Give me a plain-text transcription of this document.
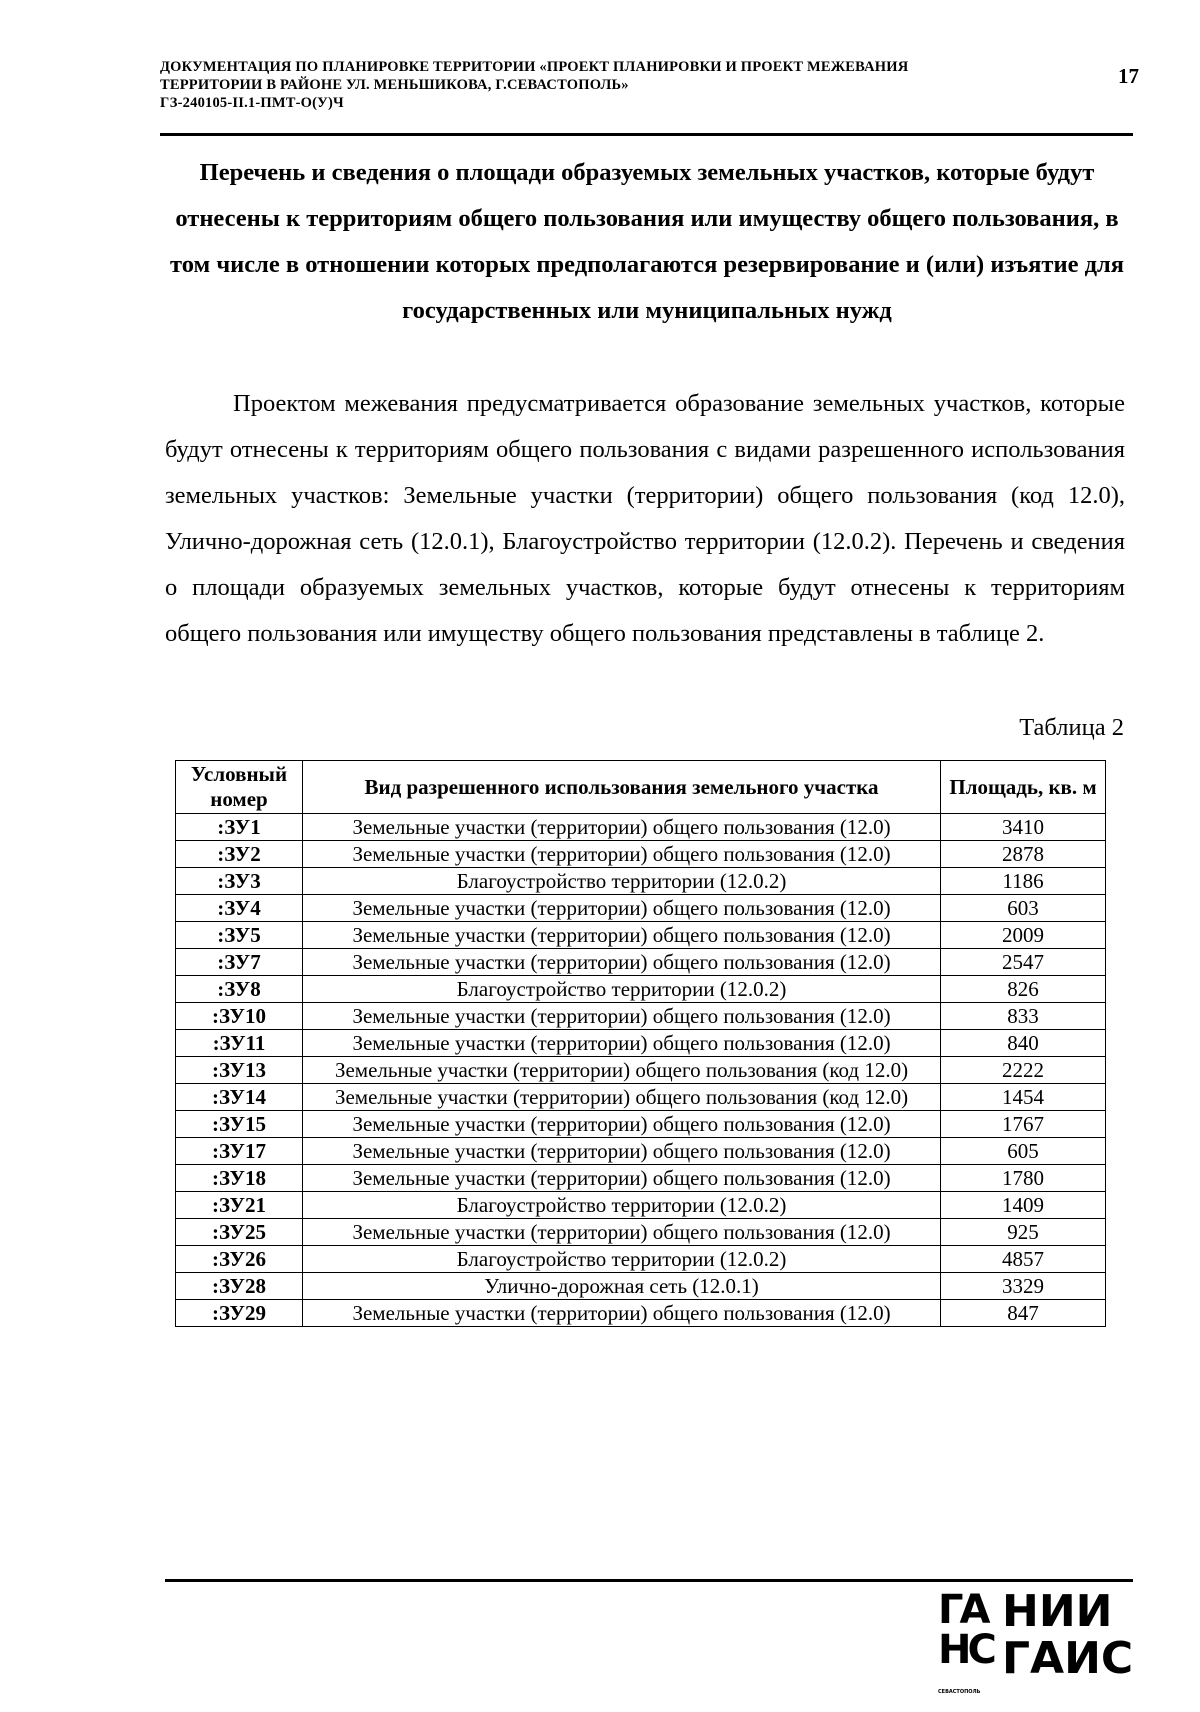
ДОКУМЕНТАЦИЯ ПО ПЛАНИРОВКЕ ТЕРРИТОРИИ «ПРОЕКТ ПЛАНИРОВКИ И ПРОЕКТ МЕЖЕВАНИЯ
ТЕРРИТОРИИ В РАЙОНЕ УЛ. МЕНЬШИКОВА, Г.СЕВАСТОПОЛЬ»
ГЗ-240105-II.1-ПМТ-О(У)Ч
17
Перечень и сведения о площади образуемых земельных участков, которые будут отнесены к территориям общего пользования или имуществу общего пользования, в том числе в отношении которых предполагаются резервирование и (или) изъятие для государственных или муниципальных нужд
Проектом межевания предусматривается образование земельных участков, которые будут отнесены к территориям общего пользования с видами разрешенного использования земельных участков: Земельные участки (территории) общего пользования (код 12.0), Улично-дорожная сеть (12.0.1), Благоустройство территории (12.0.2). Перечень и сведения о площади образуемых земельных участков, которые будут отнесены к территориям общего пользования или имуществу общего пользования представлены в таблице 2.
Таблица 2
Условный номер	Вид разрешенного использования земельного участка	Площадь, кв. м
:ЗУ1	Земельные участки (территории) общего пользования (12.0)	3410
:ЗУ2	Земельные участки (территории) общего пользования (12.0)	2878
:ЗУ3	Благоустройство территории (12.0.2)	1186
:ЗУ4	Земельные участки (территории) общего пользования (12.0)	603
:ЗУ5	Земельные участки (территории) общего пользования (12.0)	2009
:ЗУ7	Земельные участки (территории) общего пользования (12.0)	2547
:ЗУ8	Благоустройство территории (12.0.2)	826
:ЗУ10	Земельные участки (территории) общего пользования (12.0)	833
:ЗУ11	Земельные участки (территории) общего пользования (12.0)	840
:ЗУ13	Земельные участки (территории) общего пользования (код 12.0)	2222
:ЗУ14	Земельные участки (территории) общего пользования (код 12.0)	1454
:ЗУ15	Земельные участки (территории) общего пользования (12.0)	1767
:ЗУ17	Земельные участки (территории) общего пользования (12.0)	605
:ЗУ18	Земельные участки (территории) общего пользования (12.0)	1780
:ЗУ21	Благоустройство территории (12.0.2)	1409
:ЗУ25	Земельные участки (территории) общего пользования (12.0)	925
:ЗУ26	Благоустройство территории (12.0.2)	4857
:ЗУ28	Улично-дорожная сеть (12.0.1)	3329
:ЗУ29	Земельные участки (территории) общего пользования (12.0)	847
ГА
НС
СЕВАСТОПОЛЬ
НИИ
ГАИС
